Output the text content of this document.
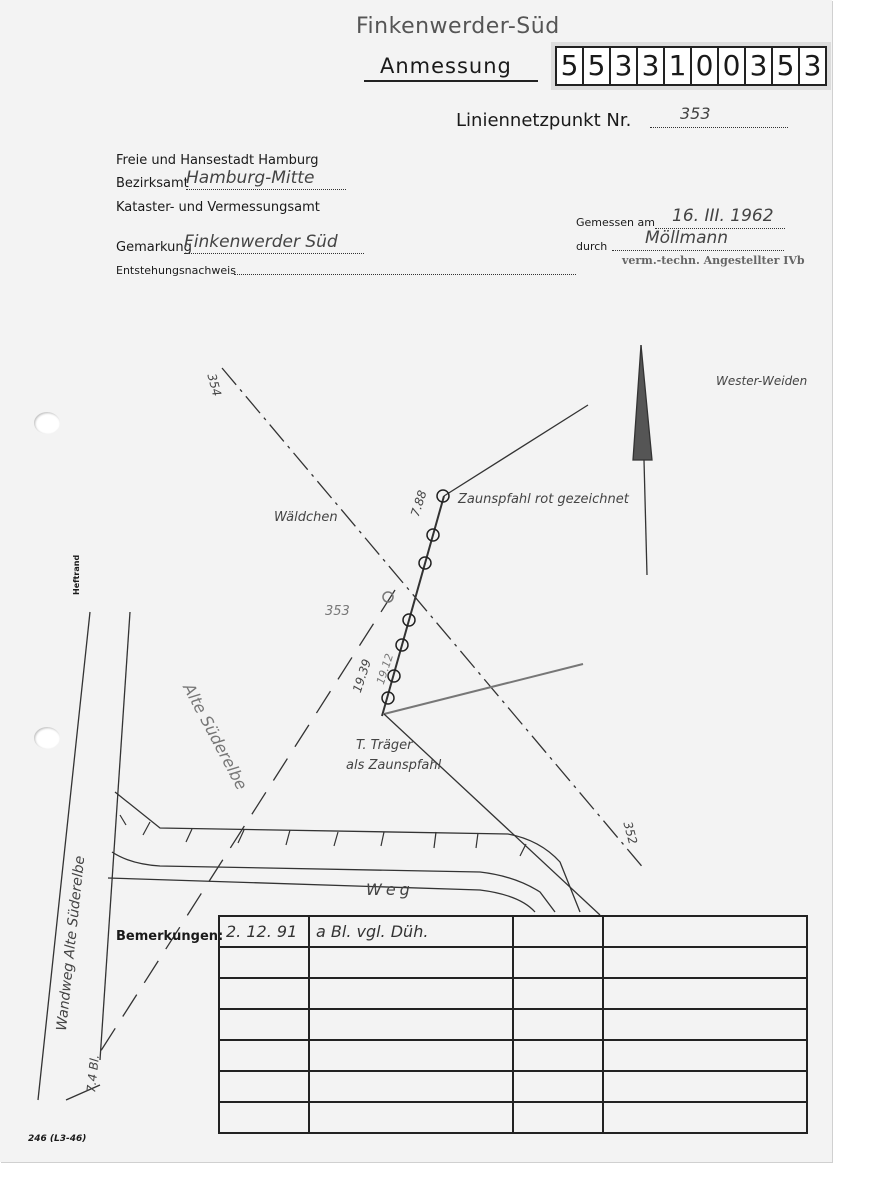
Finkenwerder-Süd
Anmessung 5 5 3 3 1 0 0 3 5 3
Liniennetzpunkt Nr.	353
Freie und Hansestadt Hamburg
Bezirksamt
Hamburg-Mitte
Kataster- und Vermessungsamt
Gemarkung
Finkenwerder Süd
Entstehungsnachweis
Gemessen am 16. III. 1962
durch Möllmann
verm.-techn. Angestellter IVb
354	Wester-Weiden
Wäldchen
Zaunspfahl rot gezeichnet
353
7.88
19.39 19.12
Alte Süderelbe	T. Träger
als Zaunspfahl
352
Weg
Heftrand
Wandweg Alte Süderelbe
7.4 Bl.
Bemerkungen: 2. 12. 91	a Bl. vgl. Düh.		

246 (L3-46)
